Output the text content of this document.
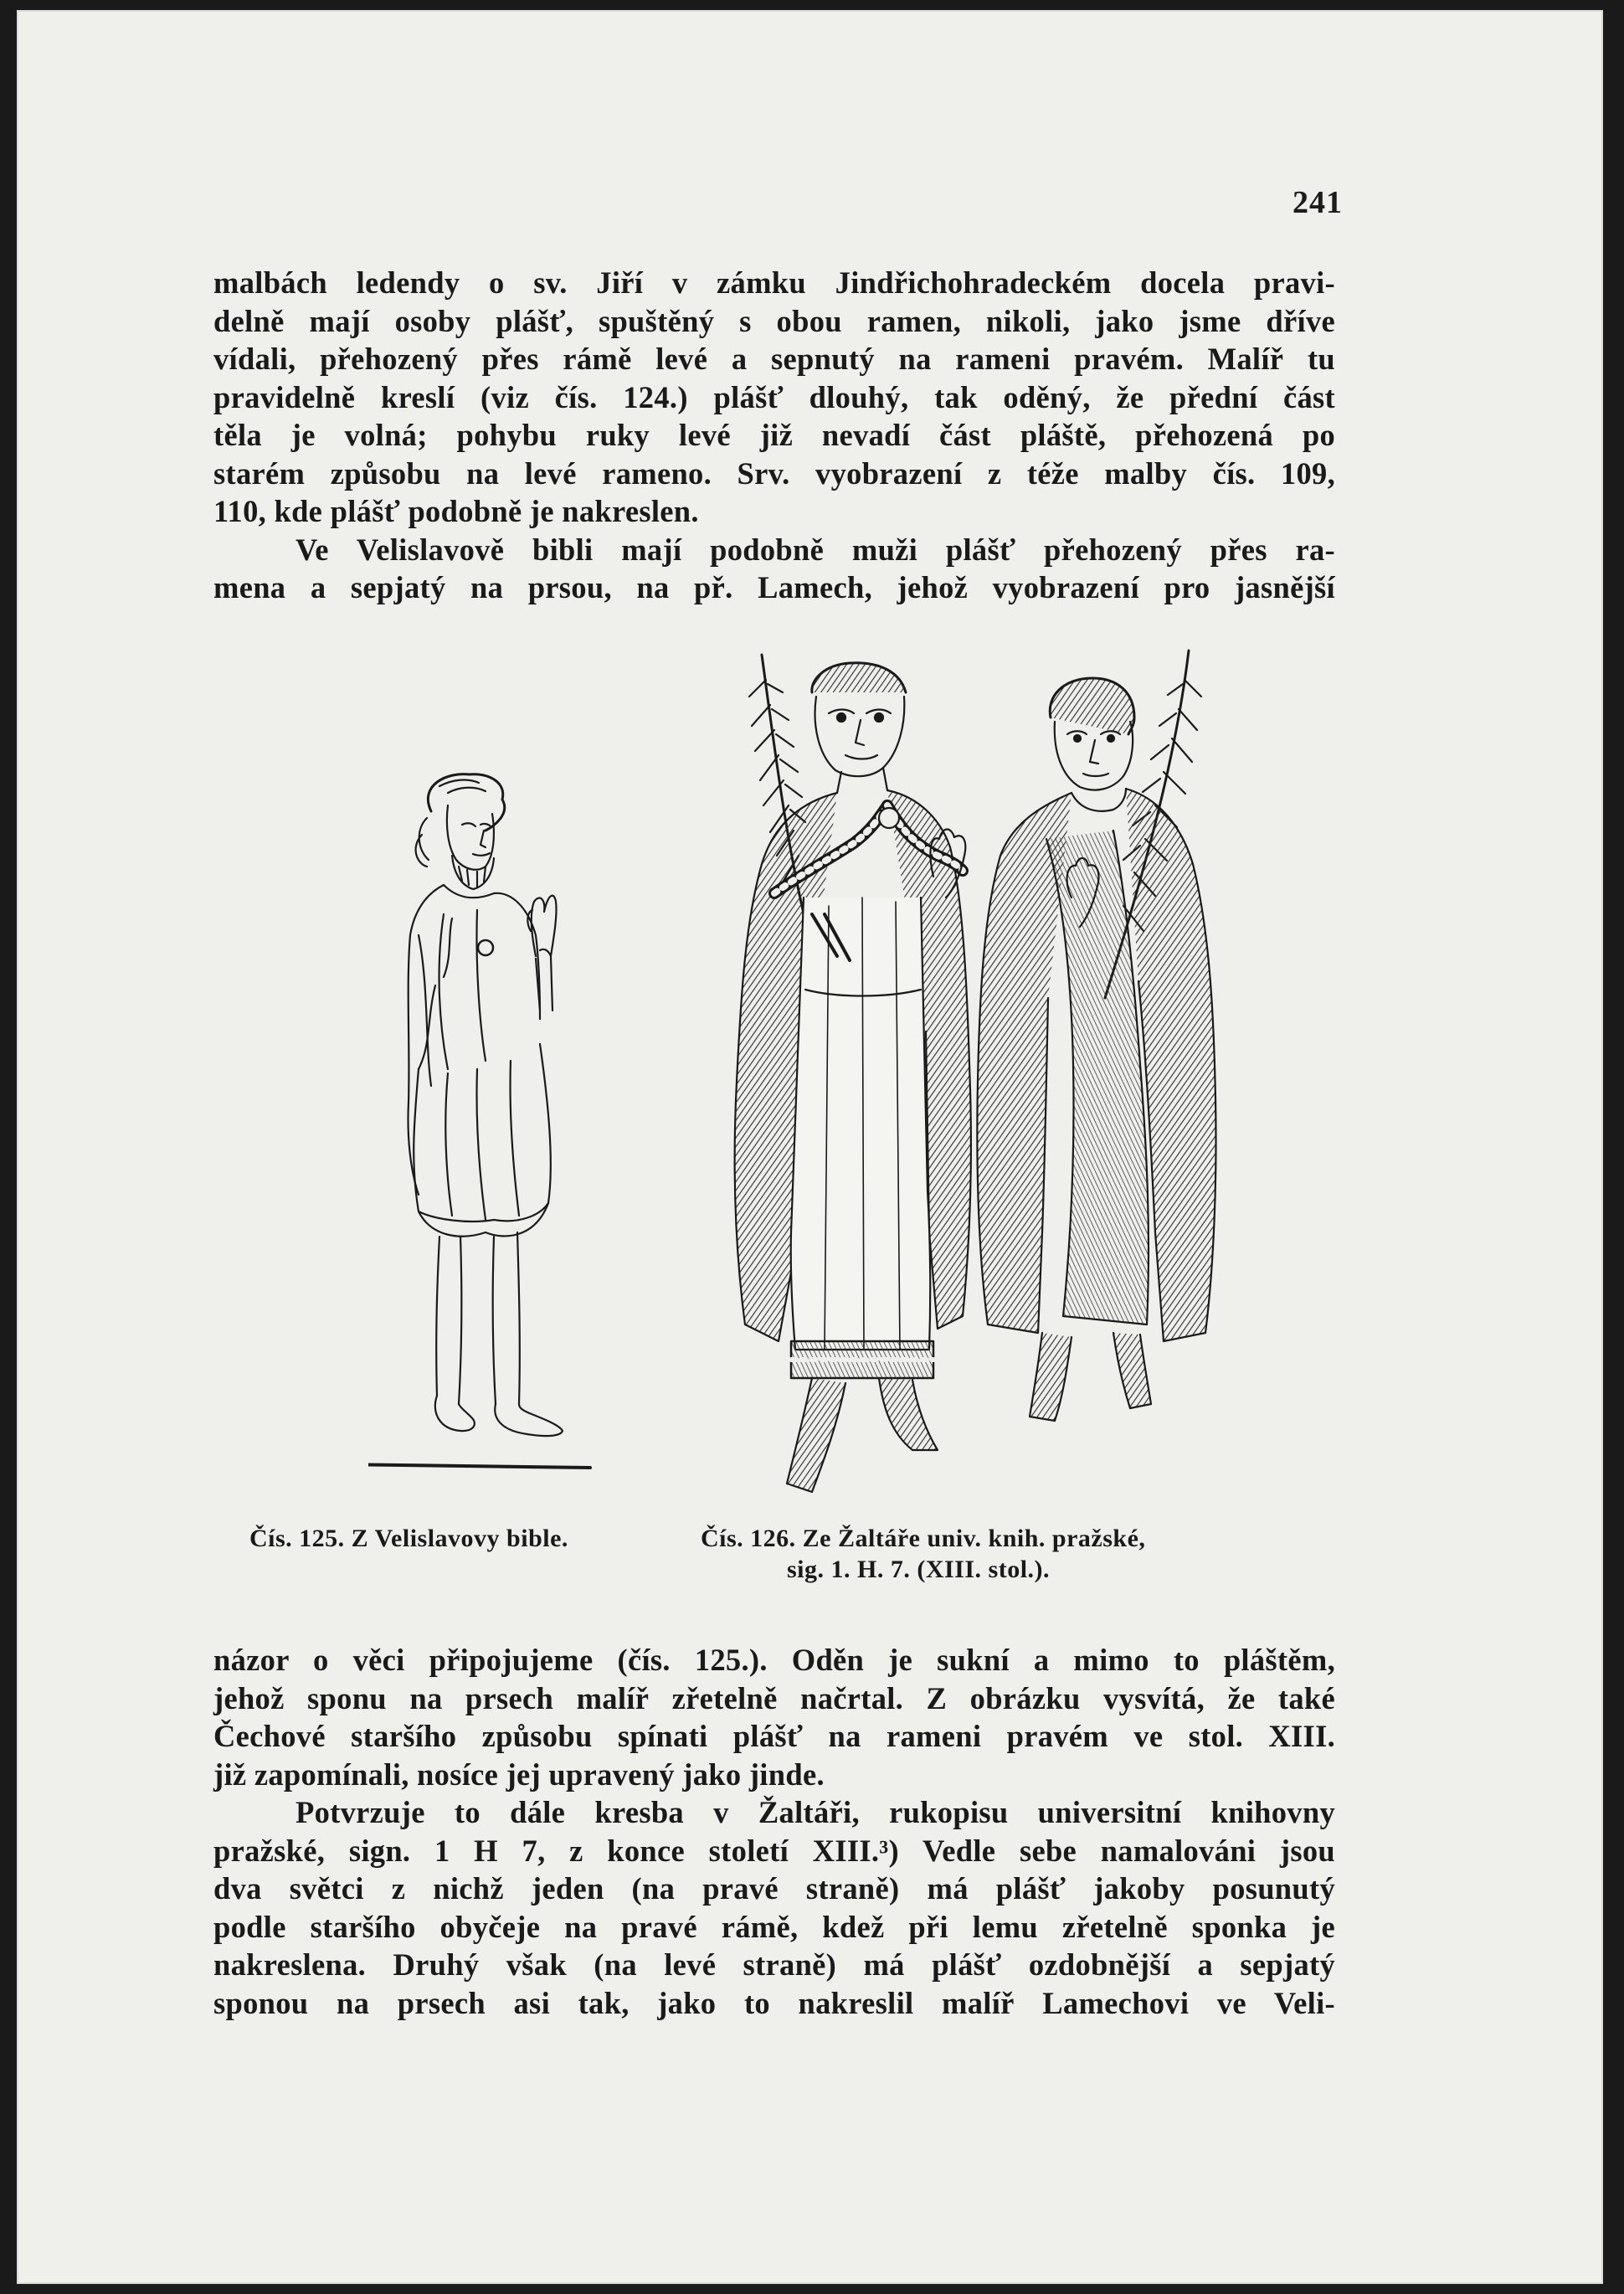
241
malbách ledendy o sv. Jiří v zámku Jindřichohradeckém docela pravi-
delně mají osoby plášť, spuštěný s obou ramen, nikoli, jako jsme dříve
vídali, přehozený přes rámě levé a sepnutý na rameni pravém. Malíř tu
pravidelně kreslí (viz čís. 124.) plášť dlouhý, tak oděný, že přední část
těla je volná; pohybu ruky levé již nevadí část pláště, přehozená po
starém způsobu na levé rameno. Srv. vyobrazení z téže malby čís. 109,
110, kde plášť podobně je nakreslen.
Ve Velislavově bibli mají podobně muži plášť přehozený přes ra-
mena a sepjatý na prsou, na př. Lamech, jehož vyobrazení pro jasnější
Čís. 125. Z Velislavovy bible.	Čís. 126. Ze Žaltáře univ. knih. pražské,
sig. 1. H. 7. (XIII. stol.).
názor o věci připojujeme (čís. 125.). Oděn je sukní a mimo to pláštěm,
jehož sponu na prsech malíř zřetelně načrtal. Z obrázku vysvítá, že také
Čechové staršího způsobu spínati plášť na rameni pravém ve stol. XIII.
již zapomínali, nosíce jej upravený jako jinde.
Potvrzuje to dále kresba v Žaltáři, rukopisu universitní knihovny
pražské, sign. 1 H 7, z konce století XIII.³) Vedle sebe namalováni jsou
dva světci z nichž jeden (na pravé straně) má plášť jakoby posunutý
podle staršího obyčeje na pravé rámě, kdež při lemu zřetelně sponka je
nakreslena. Druhý však (na levé straně) má plášť ozdobnější a sepjatý
sponou na prsech asi tak, jako to nakreslil malíř Lamechovi ve Veli-
